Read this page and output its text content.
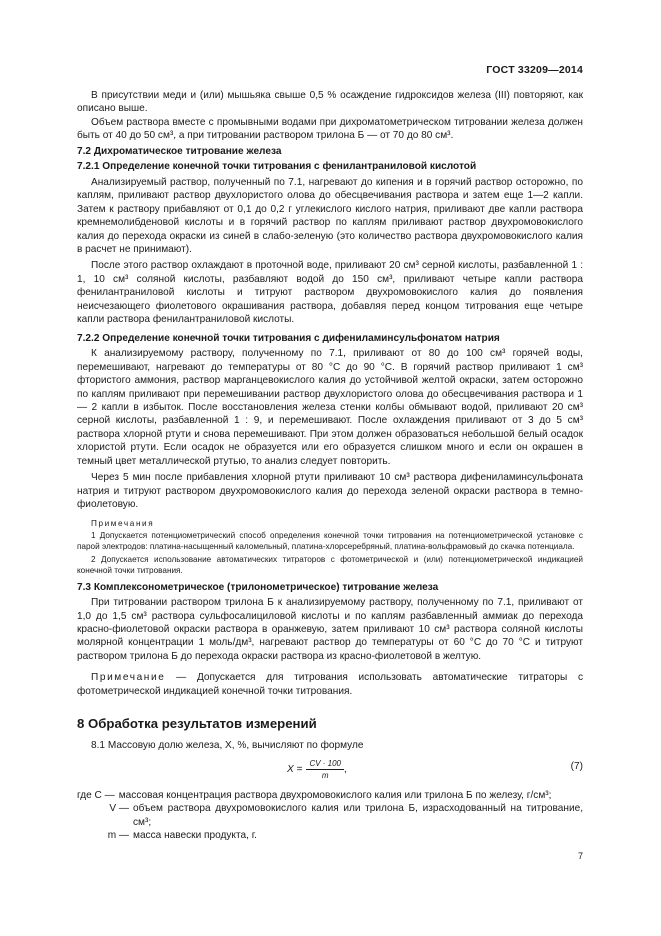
ГОСТ 33209—2014

В присутствии меди и (или) мышьяка свыше 0,5 % осаждение гидроксидов железа (III) повторяют, как описано выше.

Объем раствора вместе с промывными водами при дихроматометрическом титровании железа должен быть от 40 до 50 см³, а при титровании раствором трилона Б — от 70 до 80 см³.

7.2 Дихроматическое титрование железа
7.2.1 Определение конечной точки титрования с фенилантраниловой кислотой

Анализируемый раствор, полученный по 7.1, нагревают до кипения и в горячий раствор осторожно, по каплям, приливают раствор двухлористого олова до обесцвечивания раствора и затем еще 1—2 капли. Затем к раствору прибавляют от 0,1 до 0,2 г углекислого кислого натрия, приливают две капли раствора кремнемолибденовой кислоты и в горячий раствор по каплям приливают раствор двухромовокислого калия до перехода окраски из синей в слабо-зеленую (это количество раствора двухромовокислого калия в расчет не принимают).

После этого раствор охлаждают в проточной воде, приливают 20 см³ серной кислоты, разбавленной 1 : 1, 10 см³ соляной кислоты, разбавляют водой до 150 см³, приливают четыре капли раствора фенилантраниловой кислоты и титруют раствором двухромовокислого калия до появления неисчезающего фиолетового окрашивания раствора, добавляя перед концом титрования еще четыре капли раствора фенилантраниловой кислоты.

7.2.2 Определение конечной точки титрования с дифениламинсульфонатом натрия

К анализируемому раствору, полученному по 7.1, приливают от 80 до 100 см³ горячей воды, перемешивают, нагревают до температуры от 80 °С до 90 °С. В горячий раствор приливают 1 см³ фтористого аммония, раствор марганцевокислого калия до устойчивой желтой окраски, затем осторожно по каплям приливают при перемешивании раствор двухлористого олова до обесцвечивания раствора и 1— 2 капли в избыток. После восстановления железа стенки колбы обмывают водой, приливают 20 см³ серной кислоты, разбавленной 1 : 9, и перемешивают. После охлаждения приливают от 3 до 5 см³ раствора хлорной ртути и снова перемешивают. При этом должен образоваться небольшой белый осадок хлористой ртути. Если осадок не образуется или его образуется слишком много и если он окрашен в темный цвет металлической ртутью, то анализ следует повторить.

Через 5 мин после прибавления хлорной ртути приливают 10 см³ раствора дифениламинсульфоната натрия и титруют раствором двухромовокислого калия до перехода зеленой окраски раствора в темно-фиолетовую.

Примечания

1 Допускается потенциометрический способ определения конечной точки титрования на потенциометрической установке с парой электродов: платина-насыщенный каломельный, платина-хлорсеребряный, платина-вольфрамовый до скачка потенциала.

2 Допускается использование автоматических титраторов с фотометрической и (или) потенциометрической индикацией конечной точки титрования.

7.3 Комплексонометрическое (трилонометрическое) титрование железа

При титровании раствором трилона Б к анализируемому раствору, полученному по 7.1, приливают от 1,0 до 1,5 см³ раствора сульфосалициловой кислоты и по каплям разбавленный аммиак до перехода красно-фиолетовой окраски раствора в оранжевую, затем приливают 10 см³ раствора соляной кислоты молярной концентрации 1 моль/дм³, нагревают раствор до температуры от 60 °С до 70 °С и титруют раствором трилона Б до перехода окраски раствора из красно-фиолетовой в желтую.

Примечание — Допускается для титрования использовать автоматические титраторы с фотометрической индикацией конечной точки титрования.

8 Обработка результатов измерений

8.1 Массовую долю железа, X, %, вычисляют по формуле

$X = \frac{CV \cdot 100}{m}$ ,	(7)
где C — массовая концентрация раствора двухромовокислого калия или трилона Б по железу, г/см³;
V — объем раствора двухромовокислого калия или трилона Б, израсходованный на титрование, см³;
m — масса навески продукта, г.
7
